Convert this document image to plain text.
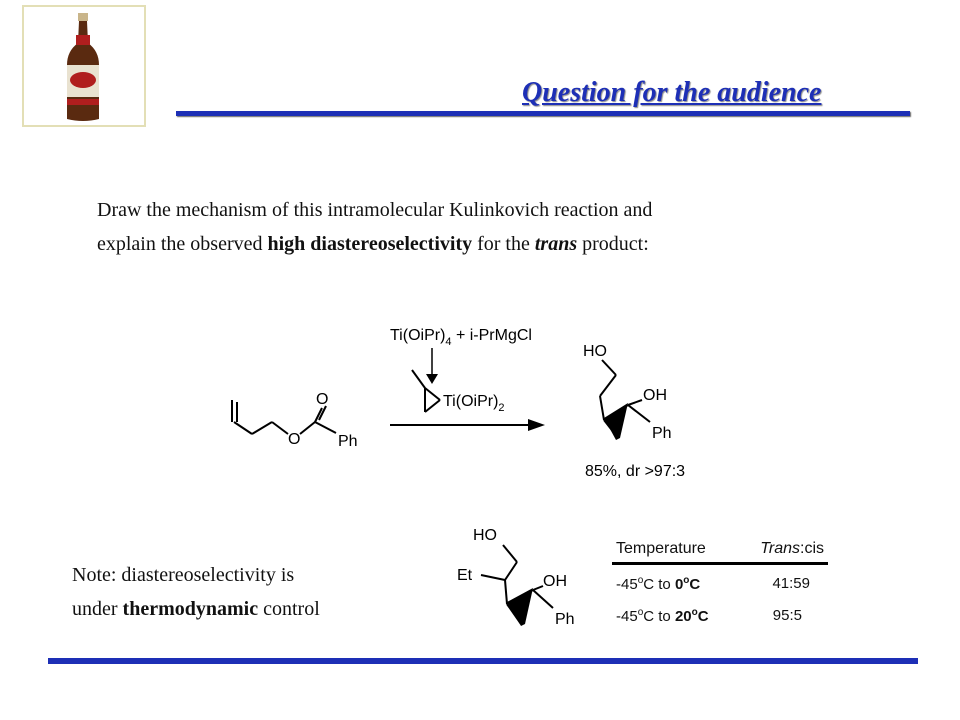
Question for the audience
Draw the mechanism of this intramolecular Kulinkovich reaction and
explain the observed high diastereoselectivity for the trans product:
O
O Ph
$Ti(OiPr)_4$ + i-PrMgCl
$Ti(OiPr)_2$
HO
OH
Ph
85%, dr >97:3
Note: diastereoselectivity is
under thermodynamic control
HO
Et	OH
Ph
Temperature	Trans:cis
-45$^o$C to 0$^o$C	41:59
-45$^o$C to 20$^o$C	95:5
